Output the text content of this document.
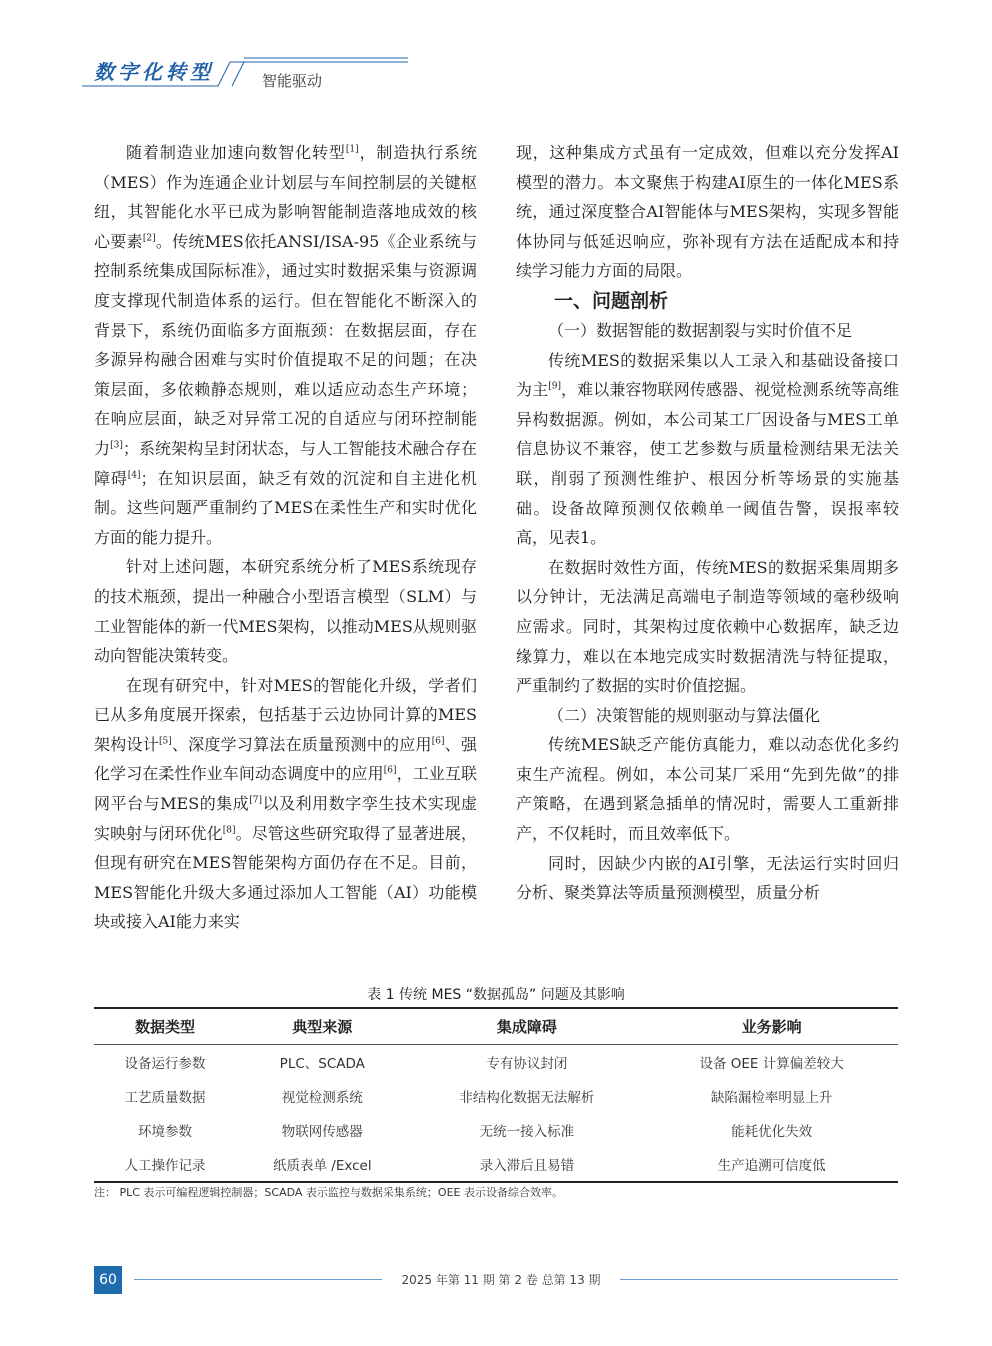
数字化转型	智能驱动

随着制造业加速向数智化转型[1]，制造执行系统（MES）作为连通企业计划层与车间控制层的关键枢纽，其智能化水平已成为影响智能制造落地成效的核心要素[2]。传统MES依托ANSI/ISA-95《企业系统与控制系统集成国际标准》，通过实时数据采集与资源调度支撑现代制造体系的运行。但在智能化不断深入的背景下，系统仍面临多方面瓶颈：在数据层面，存在多源异构融合困难与实时价值提取不足的问题；在决策层面，多依赖静态规则，难以适应动态生产环境；在响应层面，缺乏对异常工况的自适应与闭环控制能力[3]；系统架构呈封闭状态，与人工智能技术融合存在障碍[4]；在知识层面，缺乏有效的沉淀和自主进化机制。这些问题严重制约了MES在柔性生产和实时优化方面的能力提升。

针对上述问题，本研究系统分析了MES系统现存的技术瓶颈，提出一种融合小型语言模型（SLM）与工业智能体的新一代MES架构，以推动MES从规则驱动向智能决策转变。

在现有研究中，针对MES的智能化升级，学者们已从多角度展开探索，包括基于云边协同计算的MES架构设计[5]、深度学习算法在质量预测中的应用[6]、强化学习在柔性作业车间动态调度中的应用[6]，工业互联网平台与MES的集成[7]以及利用数字孪生技术实现虚实映射与闭环优化[8]。尽管这些研究取得了显著进展，但现有研究在MES智能架构方面仍存在不足。目前，MES智能化升级大多通过添加人工智能（AI）功能模块或接入AI能力来实

现，这种集成方式虽有一定成效，但难以充分发挥AI模型的潜力。本文聚焦于构建AI原生的一体化MES系统，通过深度整合AI智能体与MES架构，实现多智能体协同与低延迟响应，弥补现有方法在适配成本和持续学习能力方面的局限。

一、问题剖析

（一）数据智能的数据割裂与实时价值不足

传统MES的数据采集以人工录入和基础设备接口为主[9]，难以兼容物联网传感器、视觉检测系统等高维异构数据源。例如，本公司某工厂因设备与MES工单信息协议不兼容，使工艺参数与质量检测结果无法关联，削弱了预测性维护、根因分析等场景的实施基础。设备故障预测仅依赖单一阈值告警，误报率较高，见表1。

在数据时效性方面，传统MES的数据采集周期多以分钟计，无法满足高端电子制造等领域的毫秒级响应需求。同时，其架构过度依赖中心数据库，缺乏边缘算力，难以在本地完成实时数据清洗与特征提取，严重制约了数据的实时价值挖掘。

（二）决策智能的规则驱动与算法僵化

传统MES缺乏产能仿真能力，难以动态优化多约束生产流程。例如，本公司某厂采用“先到先做”的排产策略，在遇到紧急插单的情况时，需要人工重新排产，不仅耗时，而且效率低下。

同时，因缺少内嵌的AI引擎，无法运行实时回归分析、聚类算法等质量预测模型，质量分析

表 1 传统 MES “数据孤岛” 问题及其影响
数据类型	典型来源	集成障碍	业务影响
设备运行参数	PLC、SCADA	专有协议封闭	设备 OEE 计算偏差较大
工艺质量数据	视觉检测系统	非结构化数据无法解析	缺陷漏检率明显上升
环境参数	物联网传感器	无统一接入标准	能耗优化失效
人工操作记录	纸质表单 /Excel	录入滞后且易错	生产追溯可信度低
注： PLC 表示可编程逻辑控制器；SCADA 表示监控与数据采集系统；OEE 表示设备综合效率。
60	2025 年第 11 期 第 2 卷 总第 13 期
